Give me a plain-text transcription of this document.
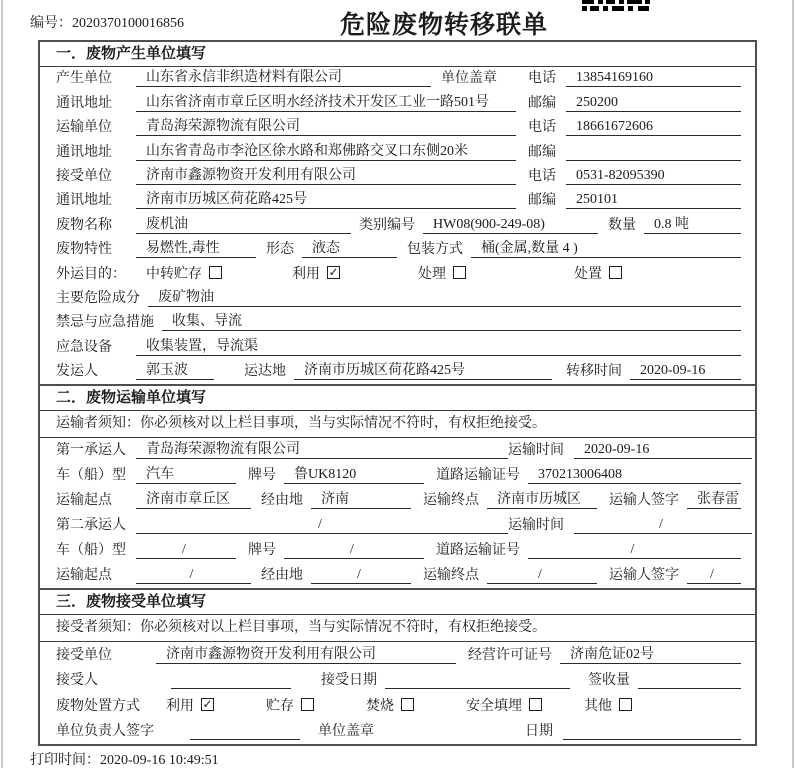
编号：2020370100016856	危险废物转移联单
一．废物产生单位填写
产生单位	山东省永信非织造材料有限公司	单位盖章 电话	13854169160
通讯地址	山东省济南市章丘区明水经济技术开发区工业一路501号	邮编	250200
运输单位	青岛海荣源物流有限公司	电话	18661672606
通讯地址	山东省青岛市李沧区徐水路和郑佛路交叉口东侧20米	邮编
接受单位	济南市鑫源物资开发利用有限公司	电话	0531-82095390
通讯地址	济南市历城区荷花路425号	邮编	250101
废物名称	废机油	类别编号	HW08(900-249-08)	数量	0.8 吨
废物特性	易燃性,毒性	形态	液态	包装方式	桶(金属,数量 4 )
外运目的： 中转贮存	利用 ✓	处理	处置
主要危险成分	废矿物油
禁忌与应急措施	收集、导流
应急设备	收集装置，导流渠
发运人	郭玉波	运达地	济南市历城区荷花路425号	转移时间	2020-09-16
二．废物运输单位填写
运输者须知： 你必须核对以上栏目事项，当与实际情况不符时，有权拒绝接受。
第一承运人	青岛海荣源物流有限公司	运输时间	2020-09-16
车（船）型	汽车	牌号	鲁UK8120	道路运输证号	370213006408
运输起点	济南市章丘区	经由地	济南	运输终点	济南市历城区	运输人签字	张春雷
第二承运人	/	运输时间	/
车（船）型	/	牌号	/	道路运输证号	/
运输起点	/	经由地	/	运输终点	/	运输人签字	/
三．废物接受单位填写
接受者须知： 你必须核对以上栏目事项，当与实际情况不符时，有权拒绝接受。
接受单位	济南市鑫源物资开发利用有限公司	经营许可证号	济南危证02号
接受人	接受日期	签收量
废物处置方式 利用 ✓	贮存	焚烧	安全填埋	其他
单位负责人签字	单位盖章	日期
打印时间：2020-09-16 10:49:51
